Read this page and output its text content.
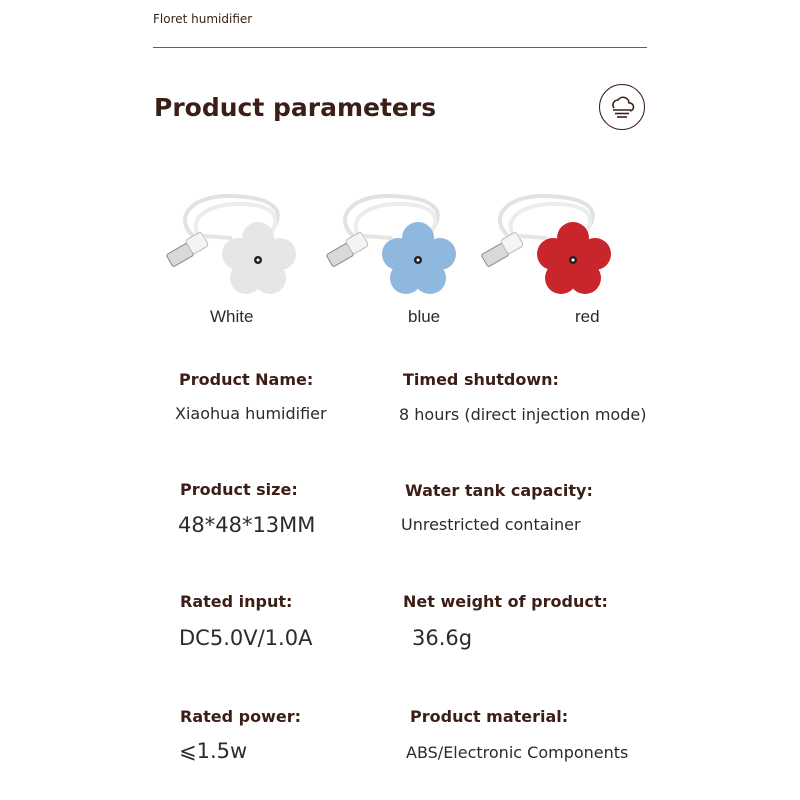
Floret humidifier
Product parameters
White	blue	red
Product Name:
Xiaohua humidifier
Timed shutdown:
8 hours (direct injection mode)
Product size:
48*48*13MM
Water tank capacity:
Unrestricted container
Rated input:
DC5.0V/1.0A
Net weight of product:
36.6g
Rated power:
⩽1.5w
Product material:
ABS/Electronic Components
